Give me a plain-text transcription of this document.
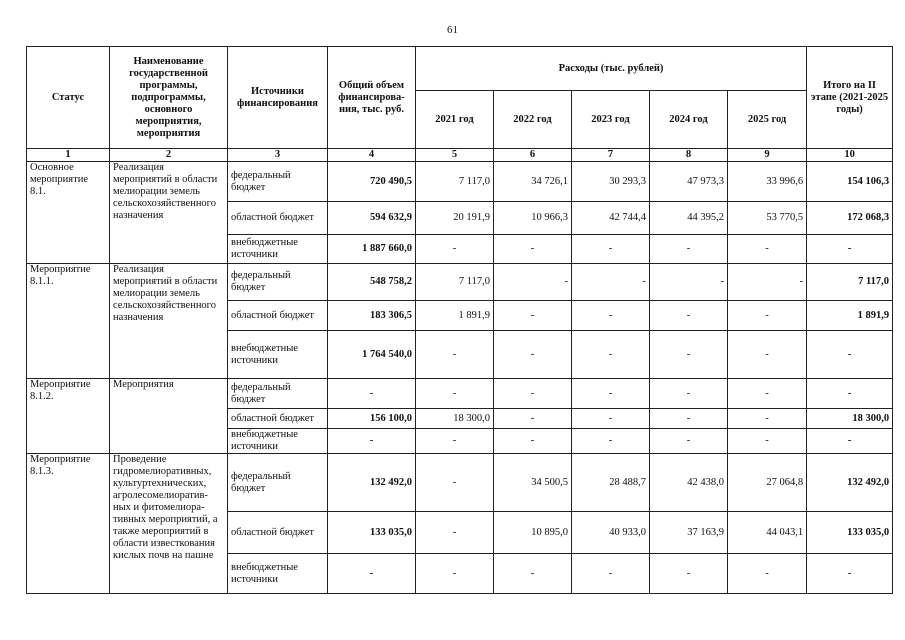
61
Статус	Наименование государственной программы, подпрограммы, основного мероприятия, мероприятия	Источники финансирования	Общий объем финансирова-ния, тыс. руб.	Расходы (тыс. рублей)					Итого на II этапе (2021-2025 годы)
				2021 год	2022 год	2023 год	2024 год	2025 год	
1	2	3	4	5	6	7	8	9	10
Основное мероприятие 8.1.	Реализация мероприятий в области мелиорации земель сельскохозяйственного назначения	федеральный бюджет	720 490,5	7 117,0	34 726,1	30 293,3	47 973,3	33 996,6	154 106,3
		областной бюджет	594 632,9	20 191,9	10 966,3	42 744,4	44 395,2	53 770,5	172 068,3
		внебюджетные источники	1 887 660,0	-	-	-	-	-	-
Мероприятие 8.1.1.	Реализация мероприятий в области мелиорации земель сельскохозяйственного назначения	федеральный бюджет	548 758,2	7 117,0	-	-	-	-	7 117,0
		областной бюджет	183 306,5	1 891,9	-	-	-	-	1 891,9
		внебюджетные источники	1 764 540,0	-	-	-	-	-	-
Мероприятие 8.1.2.	Мероприятия	федеральный бюджет	-	-	-	-	-	-	-
		областной бюджет	156 100,0	18 300,0	-	-	-	-	18 300,0
		внебюджетные источники	-	-	-	-	-	-	-
Мероприятие 8.1.3.	Проведение гидромелиоративных, культуртехнических, агролесомелиоратив-ных и фитомелиора-тивных мероприятий, а также мероприятий в области известкования кислых почв на пашне	федеральный бюджет	132 492,0	-	34 500,5	28 488,7	42 438,0	27 064,8	132 492,0
		областной бюджет	133 035,0	-	10 895,0	40 933,0	37 163,9	44 043,1	133 035,0
		внебюджетные источники	-	-	-	-	-	-	-
